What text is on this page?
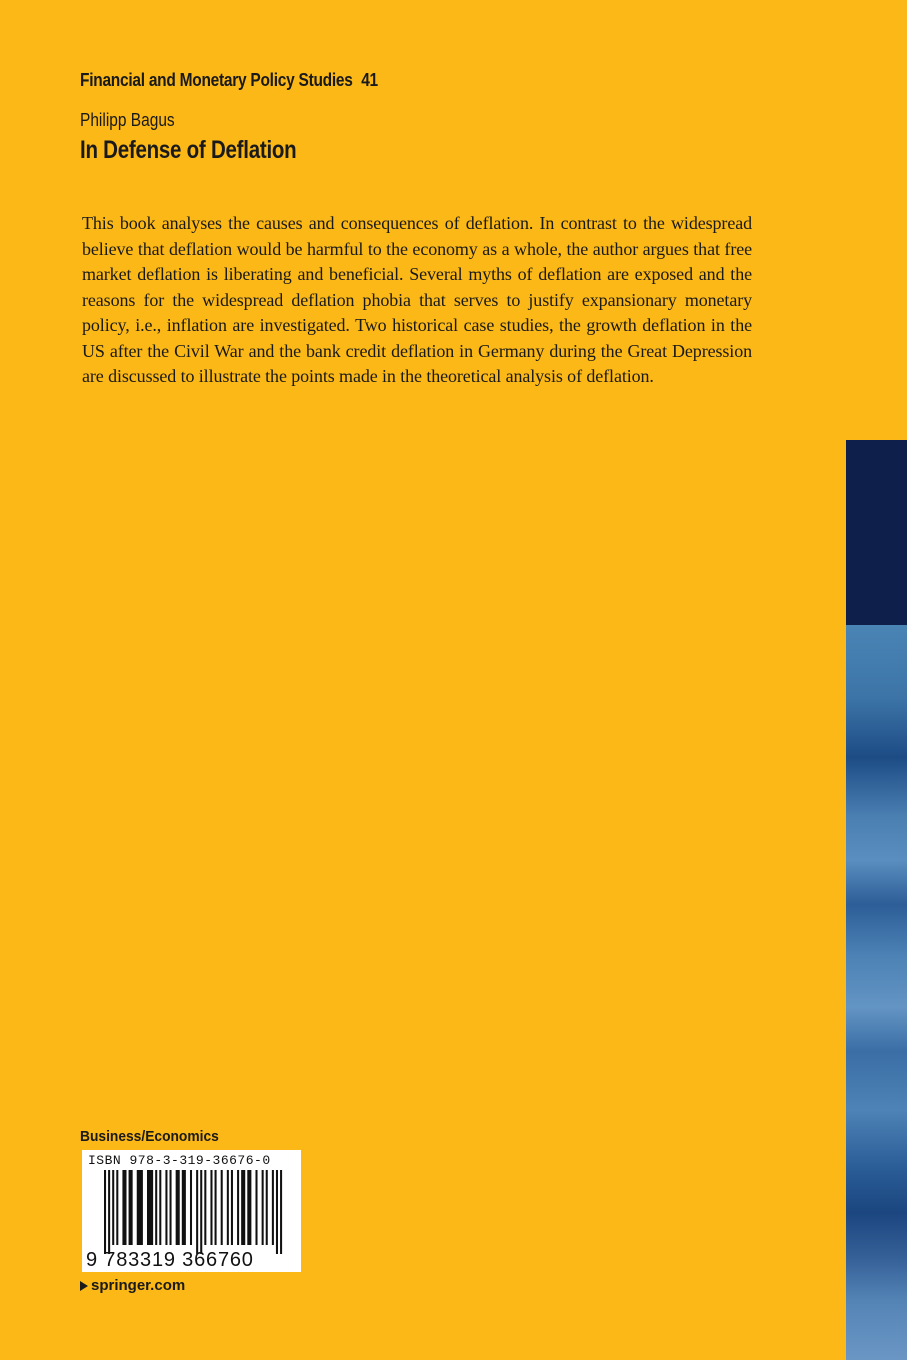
Financial and Monetary Policy Studies 41
Philipp Bagus
In Defense of Deflation

This book analyses the causes and consequences of deflation. In contrast to the widespread believe that deflation would be harmful to the economy as a whole, the author argues that free market deflation is liberating and beneficial. Several myths of deflation are exposed and the reasons for the widespread deflation phobia that serves to justify expansionary monetary policy, i.e., inflation are investigated. Two historical case studies, the growth deflation in the US after the Civil War and the bank credit deflation in Germany during the Great Depression are discussed to illustrate the points made in the theoretical analysis of deflation.

Business/Economics
ISBN 978-3-319-36676-0
9 783319 366760
springer.com
